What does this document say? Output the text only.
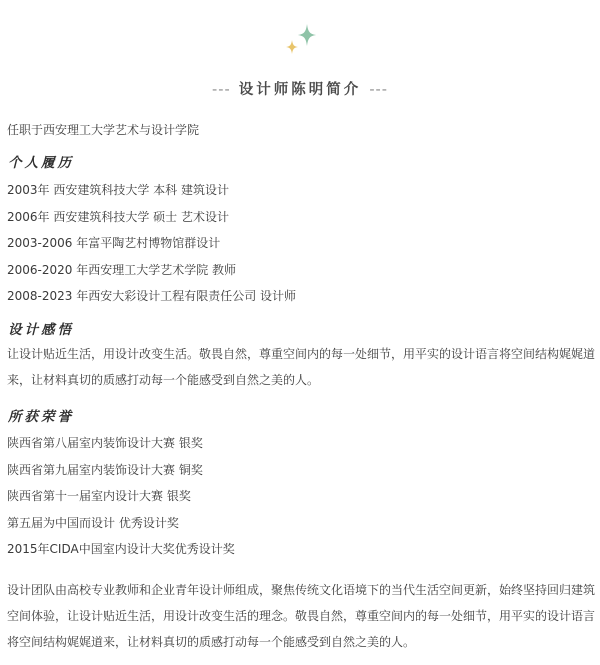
--- 设计师陈明简介 ---
任职于西安理工大学艺术与设计学院
个人履历
2003年 西安建筑科技大学 本科 建筑设计
2006年 西安建筑科技大学 硕士 艺术设计
2003-2006 年富平陶艺村博物馆群设计
2006-2020 年西安理工大学艺术学院 教师
2008-2023 年西安大彩设计工程有限责任公司 设计师
设计感悟
让设计贴近生活，用设计改变生活。敬畏自然，尊重空间内的每一处细节，用平实的设计语言将空间结构娓娓道来，让材料真切的质感打动每一个能感受到自然之美的人。
所获荣誉
陕西省第八届室内装饰设计大赛 银奖
陕西省第九届室内装饰设计大赛 铜奖
陕西省第十一届室内设计大赛 银奖
第五届为中国而设计 优秀设计奖
2015年CIDA中国室内设计大奖优秀设计奖
设计团队由高校专业教师和企业青年设计师组成，聚焦传统文化语境下的当代生活空间更新，始终坚持回归建筑空间体验，让设计贴近生活，用设计改变生活的理念。敬畏自然，尊重空间内的每一处细节，用平实的设计语言将空间结构娓娓道来，让材料真切的质感打动每一个能感受到自然之美的人。
